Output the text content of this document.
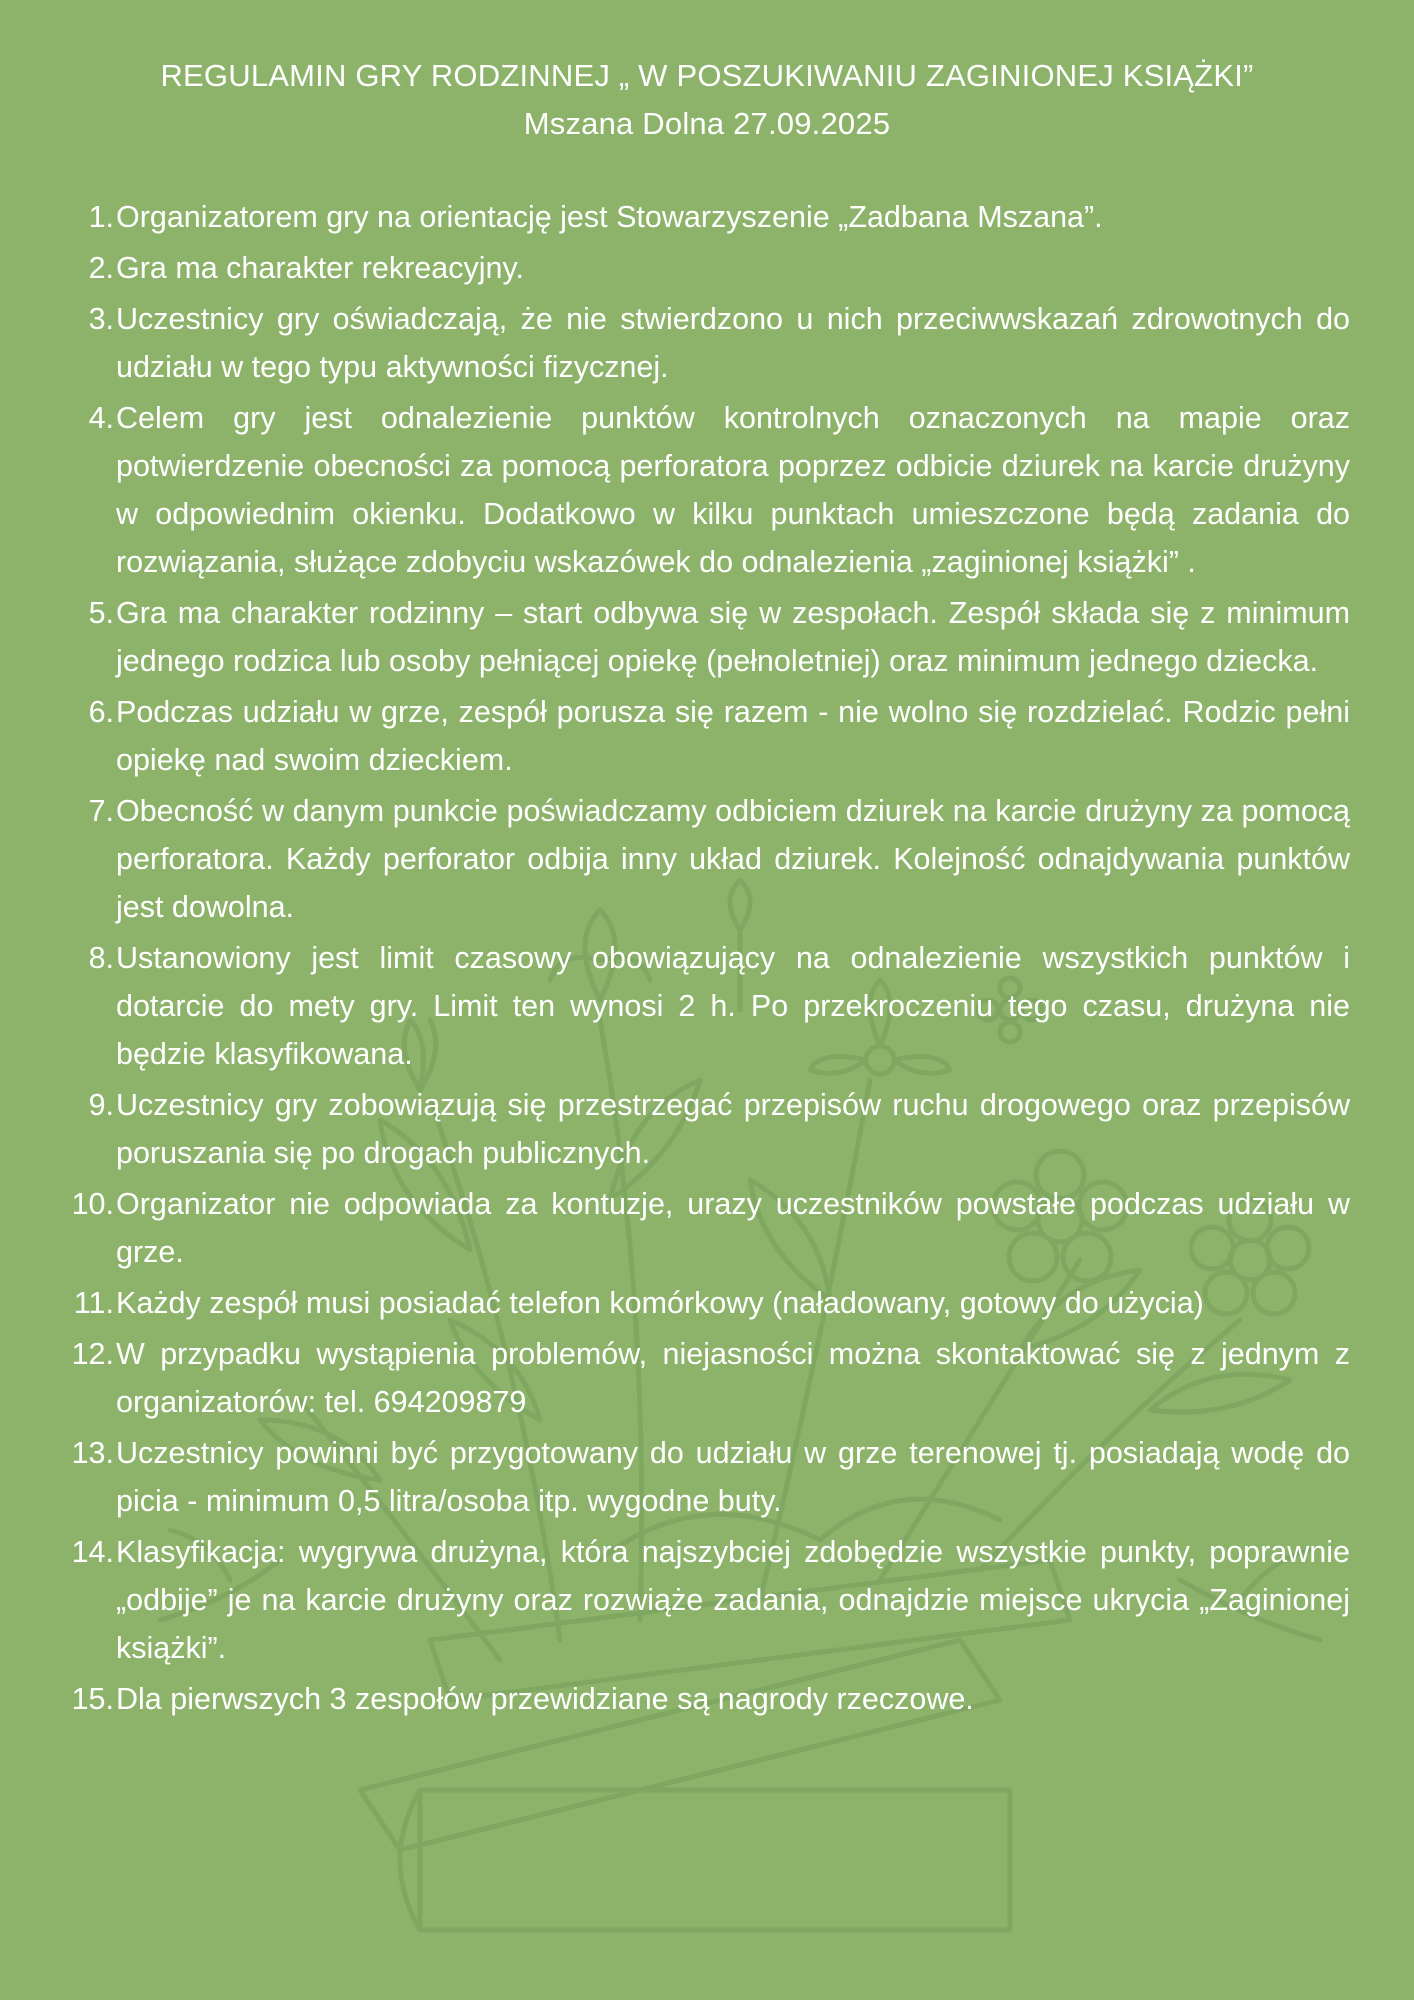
REGULAMIN GRY RODZINNEJ „ W POSZUKIWANIU ZAGINIONEJ KSIĄŻKI”
Mszana Dolna 27.09.2025
1. Organizatorem gry na orientację jest Stowarzyszenie „Zadbana Mszana”.
2. Gra ma charakter rekreacyjny.
3. Uczestnicy gry oświadczają, że nie stwierdzono u nich przeciwwskazań zdrowotnych do udziału w tego typu aktywności fizycznej.
4. Celem gry jest odnalezienie punktów kontrolnych oznaczonych na mapie oraz potwierdzenie obecności za pomocą perforatora poprzez odbicie dziurek na karcie drużyny w odpowiednim okienku. Dodatkowo w kilku punktach umieszczone będą zadania do rozwiązania, służące zdobyciu wskazówek do odnalezienia „zaginionej książki” .
5. Gra ma charakter rodzinny – start odbywa się w zespołach. Zespół składa się z minimum jednego rodzica lub osoby pełniącej opiekę (pełnoletniej) oraz minimum jednego dziecka.
6. Podczas udziału w grze, zespół porusza się razem - nie wolno się rozdzielać. Rodzic pełni opiekę nad swoim dzieckiem.
7. Obecność w danym punkcie poświadczamy odbiciem dziurek na karcie drużyny za pomocą perforatora. Każdy perforator odbija inny układ dziurek. Kolejność odnajdywania punktów jest dowolna.
8. Ustanowiony jest limit czasowy obowiązujący na odnalezienie wszystkich punktów i dotarcie do mety gry. Limit ten wynosi 2 h. Po przekroczeniu tego czasu, drużyna nie będzie klasyfikowana.
9. Uczestnicy gry zobowiązują się przestrzegać przepisów ruchu drogowego oraz przepisów poruszania się po drogach publicznych.
10. Organizator nie odpowiada za kontuzje, urazy uczestników powstałe podczas udziału w grze.
11. Każdy zespół musi posiadać telefon komórkowy (naładowany, gotowy do użycia)
12. W przypadku wystąpienia problemów, niejasności można skontaktować się z jednym z organizatorów: tel. 694209879
13. Uczestnicy powinni być przygotowany do udziału w grze terenowej tj. posiadają wodę do picia - minimum 0,5 litra/osoba itp. wygodne buty.
14. Klasyfikacja: wygrywa drużyna, która najszybciej zdobędzie wszystkie punkty, poprawnie „odbije” je na karcie drużyny oraz rozwiąże zadania, odnajdzie miejsce ukrycia „Zaginionej książki”.
15. Dla pierwszych 3 zespołów przewidziane są nagrody rzeczowe.
